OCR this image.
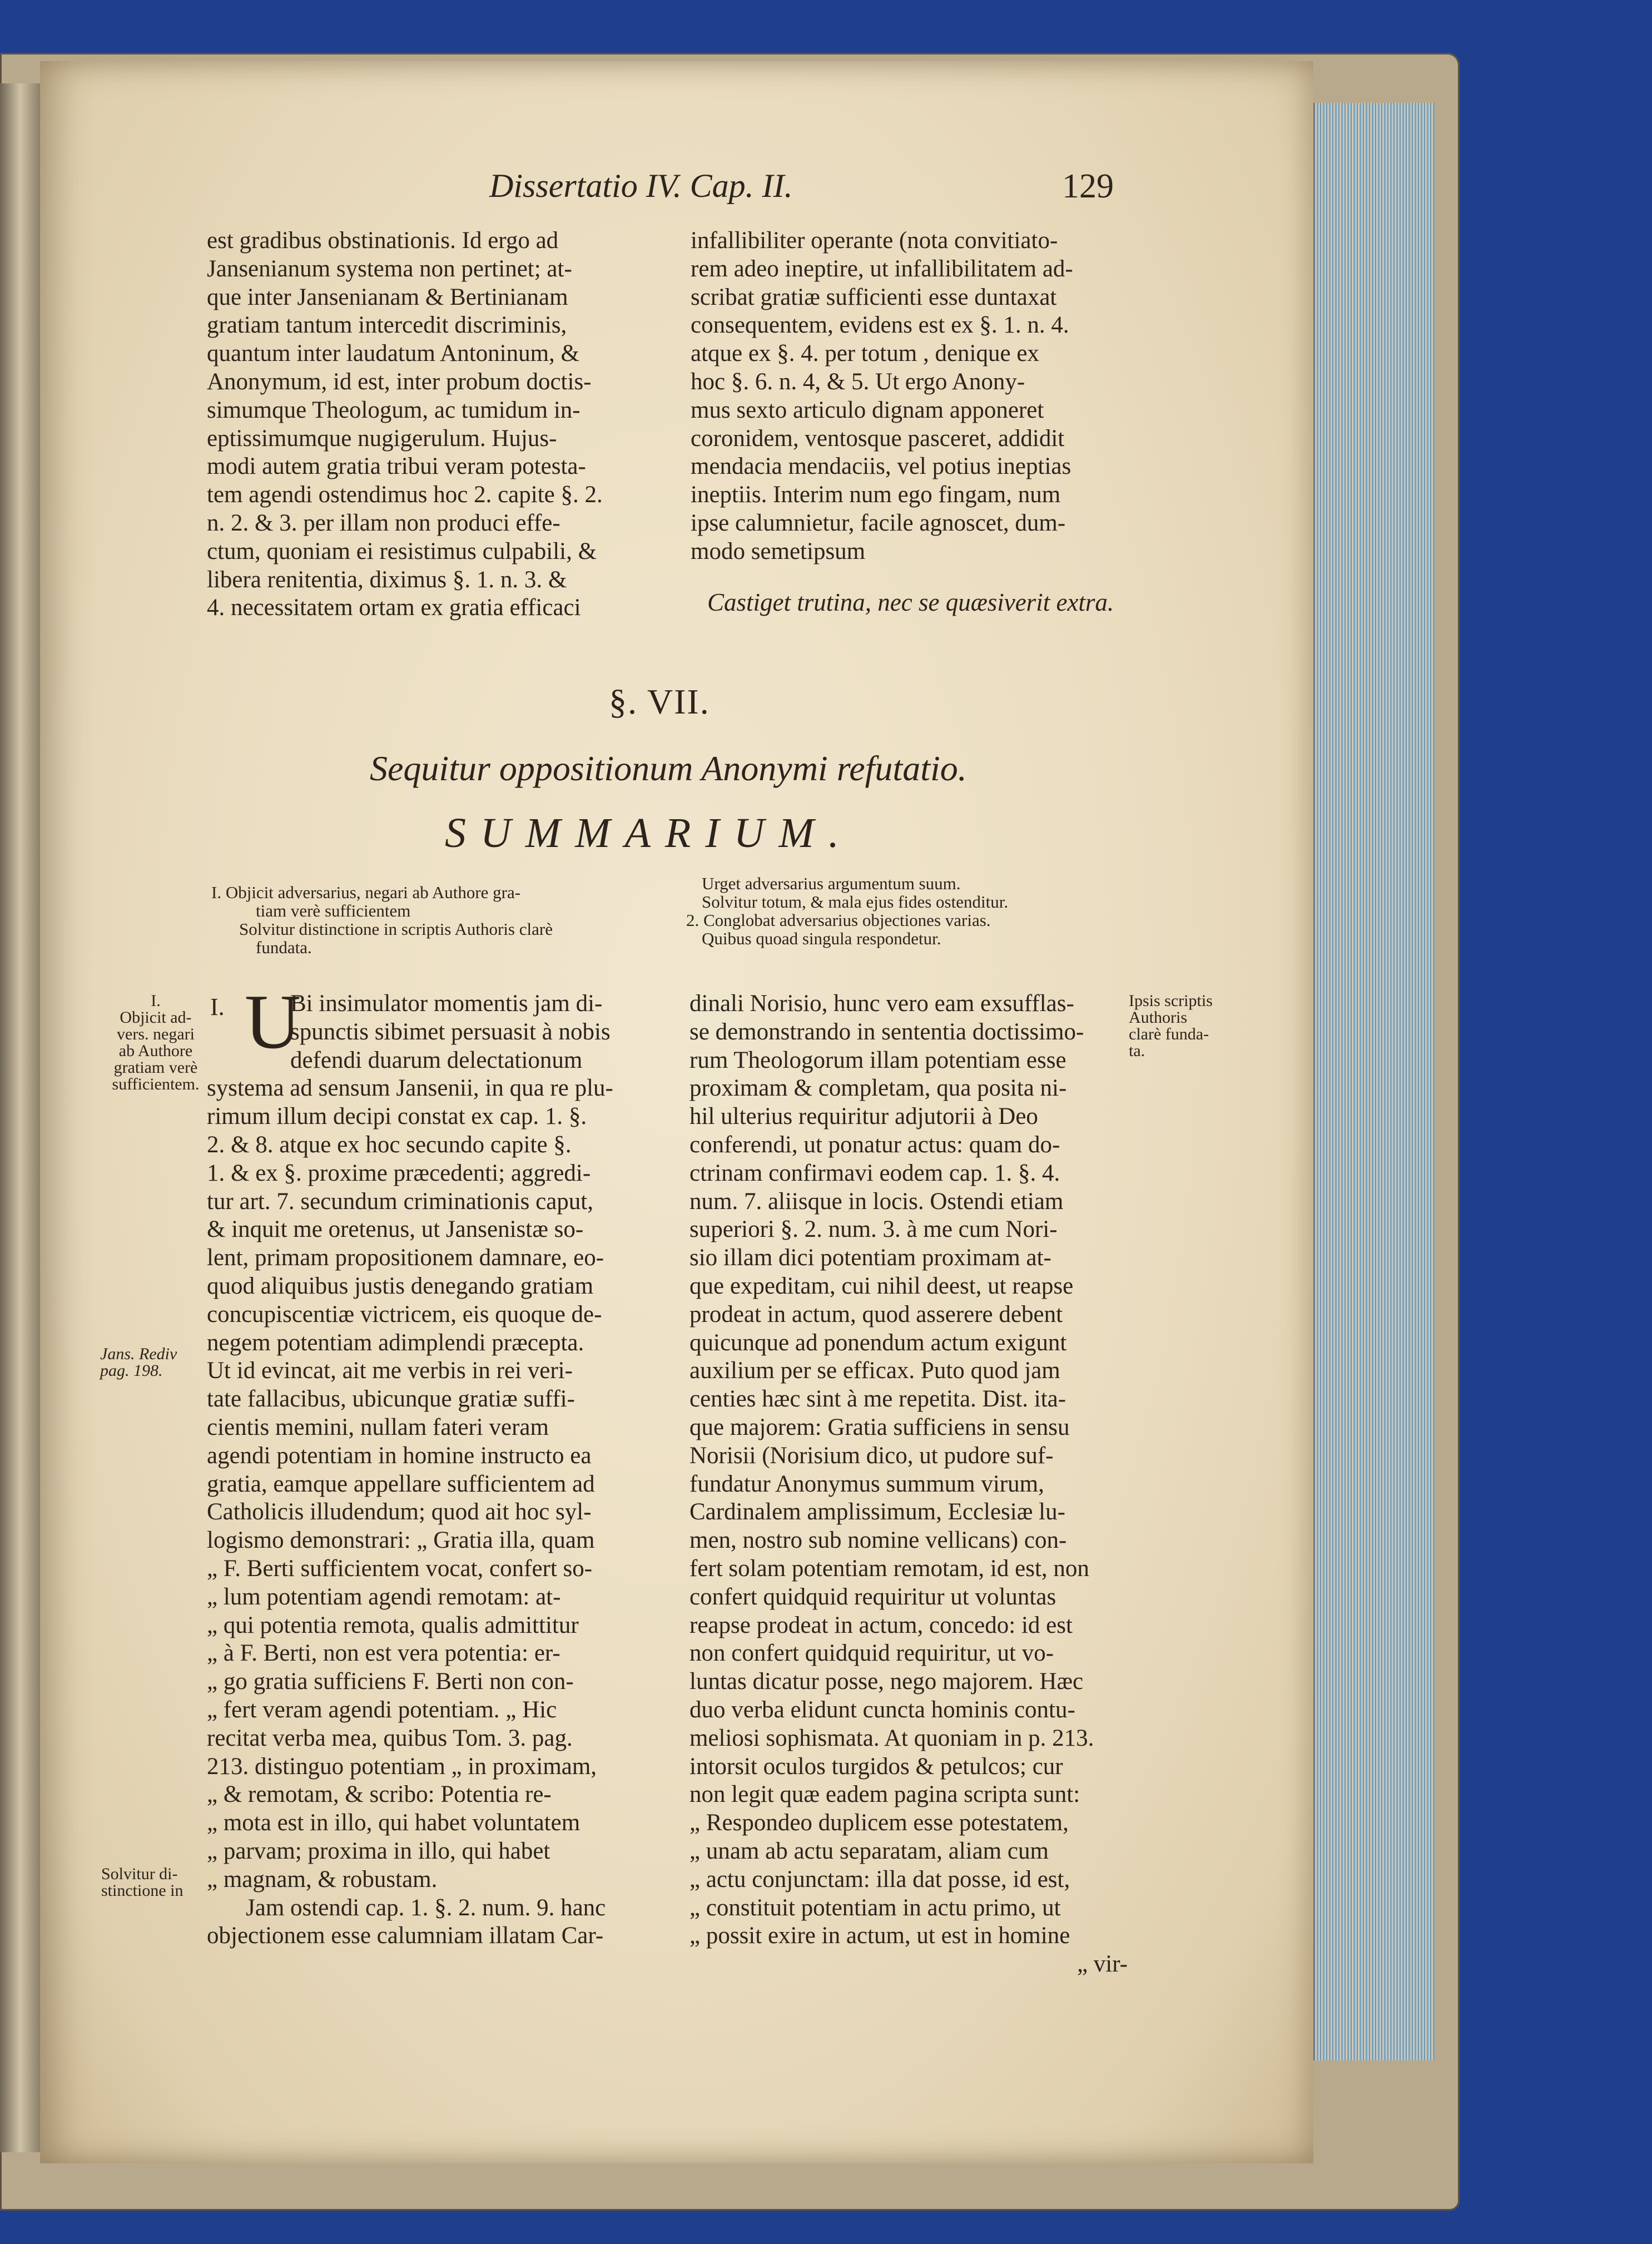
Dissertatio IV. Cap. II.	129
est gradibus obstinationis. Id ergo ad
Jansenianum systema non pertinet; at-
que inter Jansenianam & Bertinianam
gratiam tantum intercedit discriminis,
quantum inter laudatum Antoninum, &
Anonymum, id est, inter probum doctis-
simumque Theologum, ac tumidum in-
eptissimumque nugigerulum. Hujus-
modi autem gratia tribui veram potesta-
tem agendi ostendimus hoc 2. capite §. 2.
n. 2. & 3. per illam non produci effe-
ctum, quoniam ei resistimus culpabili, &
libera renitentia, diximus §. 1. n. 3. &
4. necessitatem ortam ex gratia efficaci
infallibiliter operante (nota convitiato-
rem adeo ineptire, ut infallibilitatem ad-
scribat gratiæ sufficienti esse duntaxat
consequentem, evidens est ex §. 1. n. 4.
atque ex §. 4. per totum , denique ex
hoc §. 6. n. 4, & 5. Ut ergo Anony-
mus sexto articulo dignam apponeret
coronidem, ventosque pasceret, addidit
mendacia mendaciis, vel potius ineptias
ineptiis. Interim num ego fingam, num
ipse calumnietur, facile agnoscet, dum-
modo semetipsum
Castiget trutina, nec se quæsiverit extra.
§. VII.
Sequitur oppositionum Anonymi refutatio.
SUMMARIUM.
I. Objicit adversarius, negari ab Authore gra-
tiam verè sufficientem
Solvitur distinctione in scriptis Authoris clarè
fundata.
Urget adversarius argumentum suum.
Solvitur totum, & mala ejus fides ostenditur.
2. Conglobat adversarius objectiones varias.
Quibus quoad singula respondetur.
I. U
Bi insimulator momentis jam di-
spunctis sibimet persuasit à nobis
defendi duarum delectationum
systema ad sensum Jansenii, in qua re plu-
rimum illum decipi constat ex cap. 1. §.
2. & 8. atque ex hoc secundo capite §.
1. & ex §. proxime præcedenti; aggredi-
tur art. 7. secundum criminationis caput,
& inquit me oretenus, ut Jansenistæ so-
lent, primam propositionem damnare, eo-
quod aliquibus justis denegando gratiam
concupiscentiæ victricem, eis quoque de-
negem potentiam adimplendi præcepta.
Ut id evincat, ait me verbis in rei veri-
tate fallacibus, ubicunque gratiæ suffi-
cientis memini, nullam fateri veram
agendi potentiam in homine instructo ea
gratia, eamque appellare sufficientem ad
Catholicis illudendum; quod ait hoc syl-
logismo demonstrari: „ Gratia illa, quam
„ F. Berti sufficientem vocat, confert so-
„ lum potentiam agendi remotam: at-
„ qui potentia remota, qualis admittitur
„ à F. Berti, non est vera potentia: er-
„ go gratia sufficiens F. Berti non con-
„ fert veram agendi potentiam. „ Hic
recitat verba mea, quibus Tom. 3. pag.
213. distinguo potentiam „ in proximam,
„ & remotam, & scribo: Potentia re-
„ mota est in illo, qui habet voluntatem
„ parvam; proxima in illo, qui habet
„ magnam, & robustam.
Jam ostendi cap. 1. §. 2. num. 9. hanc
objectionem esse calumniam illatam Car-
dinali Norisio, hunc vero eam exsufflas-
se demonstrando in sententia doctissimo-
rum Theologorum illam potentiam esse
proximam & completam, qua posita ni-
hil ulterius requiritur adjutorii à Deo
conferendi, ut ponatur actus: quam do-
ctrinam confirmavi eodem cap. 1. §. 4.
num. 7. aliisque in locis. Ostendi etiam
superiori §. 2. num. 3. à me cum Nori-
sio illam dici potentiam proximam at-
que expeditam, cui nihil deest, ut reapse
prodeat in actum, quod asserere debent
quicunque ad ponendum actum exigunt
auxilium per se efficax. Puto quod jam
centies hæc sint à me repetita. Dist. ita-
que majorem: Gratia sufficiens in sensu
Norisii (Norisium dico, ut pudore suf-
fundatur Anonymus summum virum,
Cardinalem amplissimum, Ecclesiæ lu-
men, nostro sub nomine vellicans) con-
fert solam potentiam remotam, id est, non
confert quidquid requiritur ut voluntas
reapse prodeat in actum, concedo: id est
non confert quidquid requiritur, ut vo-
luntas dicatur posse, nego majorem. Hæc
duo verba elidunt cuncta hominis contu-
meliosi sophismata. At quoniam in p. 213.
intorsit oculos turgidos & petulcos; cur
non legit quæ eadem pagina scripta sunt:
„ Respondeo duplicem esse potestatem,
„ unam ab actu separatam, aliam cum
„ actu conjunctam: illa dat posse, id est,
„ constituit potentiam in actu primo, ut
„ possit exire in actum, ut est in homine
„ vir-
I.
Objicit ad-
vers. negari
ab Authore
gratiam verè
sufficientem.
Jans. Rediv
pag. 198.
Solvitur di-
stinctione in
Ipsis scriptis
Authoris
clarè funda-
ta.
